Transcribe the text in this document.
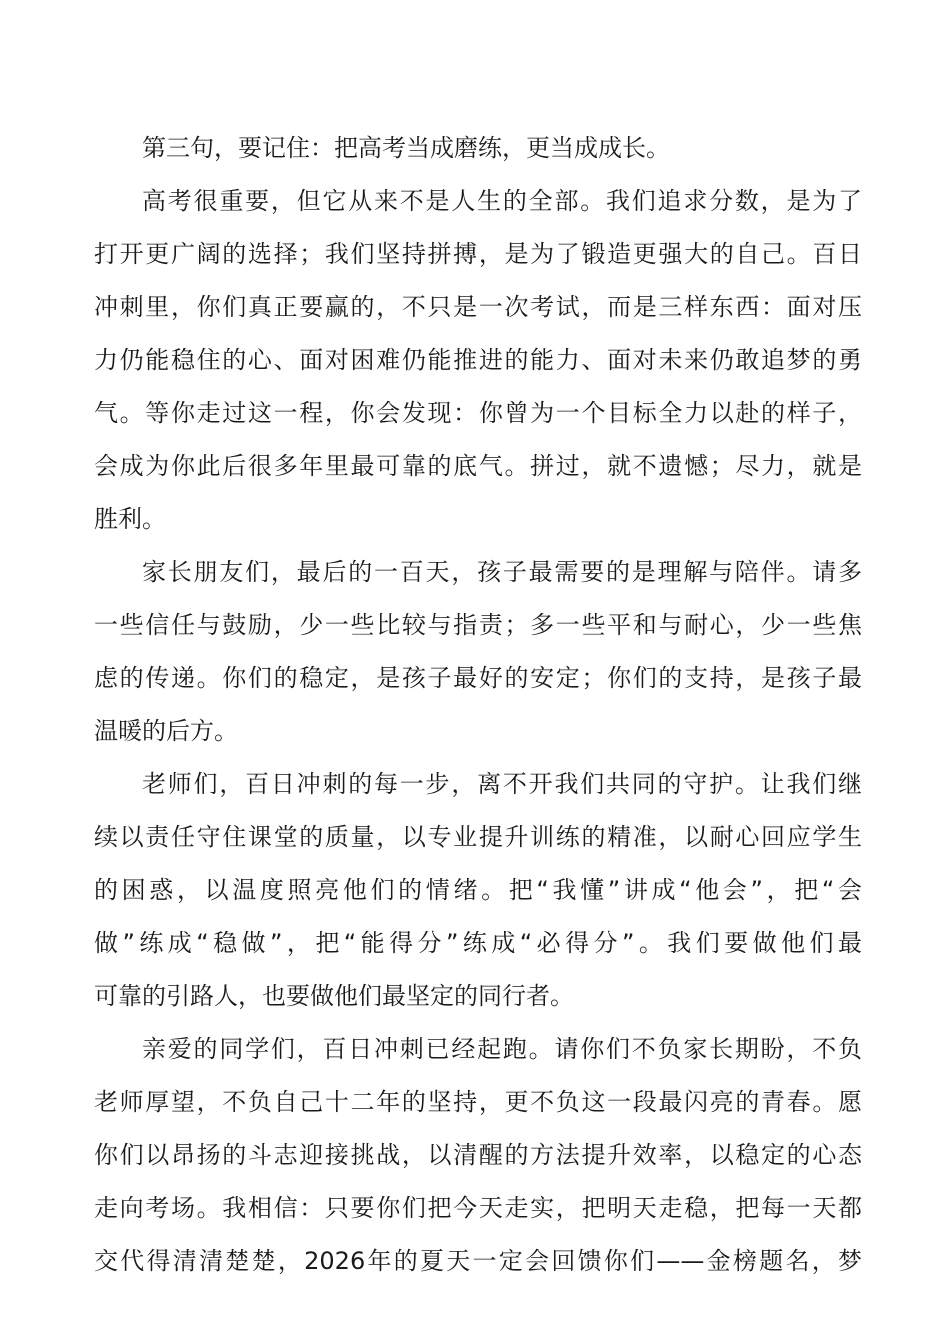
第三句，要记住：把高考当成磨练，更当成成长。
高考很重要，但它从来不是人生的全部。我们追求分数，是为了
打开更广阔的选择；我们坚持拼搏，是为了锻造更强大的自己。百日
冲刺里，你们真正要赢的，不只是一次考试，而是三样东西：面对压
力仍能稳住的心、面对困难仍能推进的能力、面对未来仍敢追梦的勇
气。等你走过这一程，你会发现：你曾为一个目标全力以赴的样子，
会成为你此后很多年里最可靠的底气。拼过，就不遗憾；尽力，就是
胜利。
家长朋友们，最后的一百天，孩子最需要的是理解与陪伴。请多
一些信任与鼓励，少一些比较与指责；多一些平和与耐心，少一些焦
虑的传递。你们的稳定，是孩子最好的安定；你们的支持，是孩子最
温暖的后方。
老师们，百日冲刺的每一步，离不开我们共同的守护。让我们继
续以责任守住课堂的质量，以专业提升训练的精准，以耐心回应学生
的困惑，以温度照亮他们的情绪。把“我懂”讲成“他会”，把“会
做”练成“稳做”，把“能得分”练成“必得分”。我们要做他们最
可靠的引路人，也要做他们最坚定的同行者。
亲爱的同学们，百日冲刺已经起跑。请你们不负家长期盼，不负
老师厚望，不负自己十二年的坚持，更不负这一段最闪亮的青春。愿
你们以昂扬的斗志迎接挑战，以清醒的方法提升效率，以稳定的心态
走向考场。我相信：只要你们把今天走实，把明天走稳，把每一天都
交代得清清楚楚，2026年的夏天一定会回馈你们——金榜题名，梦
